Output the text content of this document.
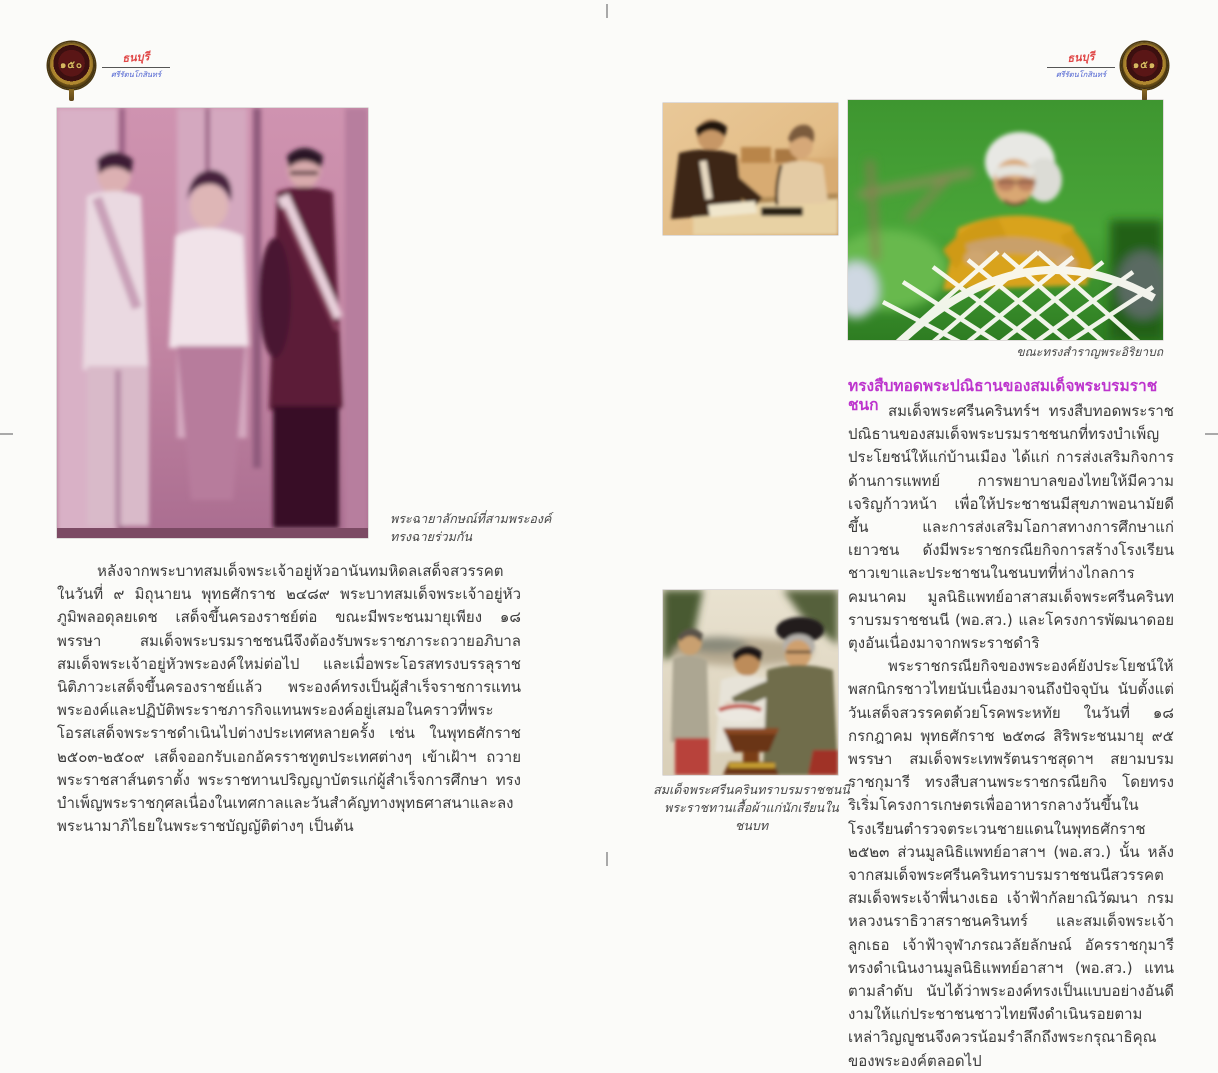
๑๕๐
ธนบุรี
ศรีรัตนโกสินทร์
พระฉายาลักษณ์ที่สามพระองค์
ทรงฉายร่วมกัน

หลังจากพระบาทสมเด็จพระเจ้าอยู่หัวอานันทมหิดลเสด็จสวรรคตในวันที่ ๙ มิถุนายน พุทธศักราช ๒๔๘๙ พระบาทสมเด็จพระเจ้าอยู่หัวภูมิพลอดุลยเดช เสด็จขึ้นครองราชย์ต่อ ขณะมีพระชนมายุเพียง ๑๘ พรรษา สมเด็จพระบรมราชชนนีจึงต้องรับพระราชภาระถวายอภิบาลสมเด็จพระเจ้าอยู่หัวพระองค์ใหม่ต่อไป และเมื่อพระโอรสทรงบรรลุราชนิติภาวะเสด็จขึ้นครองราชย์แล้ว พระองค์ทรงเป็นผู้สำเร็จราชการแทนพระองค์และปฏิบัติพระราชภารกิจแทนพระองค์อยู่เสมอในคราวที่พระโอรสเสด็จพระราชดำเนินไปต่างประเทศหลายครั้ง เช่น ในพุทธศักราช ๒๕๐๓-๒๕๐๙ เสด็จออกรับเอกอัครราชทูตประเทศต่างๆ เข้าเฝ้าฯ ถวายพระราชสาส์นตราตั้ง พระราชทานปริญญาบัตรแก่ผู้สำเร็จการศึกษา ทรงบำเพ็ญพระราชกุศลเนื่องในเทศกาลและวันสำคัญทางพุทธศาสนาและลงพระนามาภิไธยในพระราชบัญญัติต่างๆ เป็นต้น

ธนบุรี
ศรีรัตนโกสินทร์
๑๕๑
ขณะทรงสำราญพระอิริยาบถ
ทรงสืบทอดพระปณิธานของสมเด็จพระบรมราชชนก สมเด็จพระศรีนครินทร์ฯ ทรงสืบทอดพระราชปณิธานของสมเด็จพระบรมราชชนกที่ทรงบำเพ็ญประโยชน์ให้แก่บ้านเมือง ได้แก่ การส่งเสริมกิจการด้านการแพทย์ การพยาบาลของไทยให้มีความเจริญก้าวหน้า เพื่อให้ประชาชนมีสุขภาพอนามัยดีขึ้น และการส่งเสริมโอกาสทางการศึกษาแก่เยาวชน ดังมีพระราชกรณียกิจการสร้างโรงเรียนชาวเขาและประชาชนในชนบทที่ห่างไกลการคมนาคม มูลนิธิแพทย์อาสาสมเด็จพระศรีนครินทราบรมราชชนนี (พอ.สว.) และโครงการพัฒนาดอยตุงอันเนื่องมาจากพระราชดำริ

พระราชกรณียกิจของพระองค์ยังประโยชน์ให้พสกนิกรชาวไทยนับเนื่องมาจนถึงปัจจุบัน นับตั้งแต่วันเสด็จสวรรคตด้วยโรคพระหทัย ในวันที่ ๑๘ กรกฎาคม พุทธศักราช ๒๕๓๘ สิริพระชนมายุ ๙๕ พรรษา สมเด็จพระเทพรัตนราชสุดาฯ สยามบรมราชกุมารี ทรงสืบสานพระราชกรณียกิจ โดยทรงริเริ่มโครงการเกษตรเพื่ออาหารกลางวันขึ้นในโรงเรียนตำรวจตระเวนชายแดนในพุทธศักราช ๒๕๒๓ ส่วนมูลนิธิแพทย์อาสาฯ (พอ.สว.) นั้น หลังจากสมเด็จพระศรีนครินทราบรมราชชนนีสวรรคต สมเด็จพระเจ้าพี่นางเธอ เจ้าฟ้ากัลยาณิวัฒนา กรมหลวงนราธิวาสราชนครินทร์ และสมเด็จพระเจ้าลูกเธอ เจ้าฟ้าจุฬาภรณวลัยลักษณ์ อัครราชกุมารี ทรงดำเนินงานมูลนิธิแพทย์อาสาฯ (พอ.สว.) แทนตามลำดับ นับได้ว่าพระองค์ทรงเป็นแบบอย่างอันดีงามให้แก่ประชาชนชาวไทยพึงดำเนินรอยตาม เหล่าวิญญูชนจึงควรน้อมรำลึกถึงพระกรุณาธิคุณของพระองค์ตลอดไป

สมเด็จพระศรีนครินทราบรมราชชนนี
พระราชทานเสื้อผ้าแก่นักเรียนในชนบท
